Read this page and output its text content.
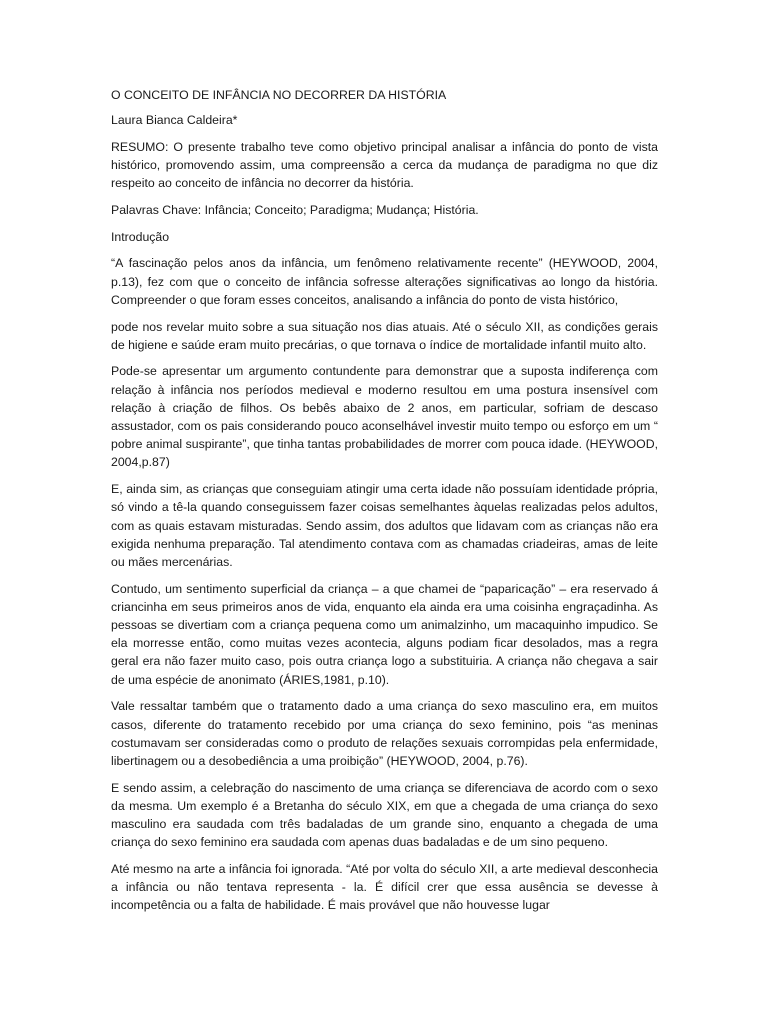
O CONCEITO DE INFÂNCIA NO DECORRER DA HISTÓRIA

Laura Bianca Caldeira*

RESUMO: O presente trabalho teve como objetivo principal analisar a infância do ponto de vista histórico, promovendo assim, uma compreensão a cerca da mudança de paradigma no que diz respeito ao conceito de infância no decorrer da história.

Palavras Chave: Infância; Conceito; Paradigma; Mudança; História.

Introdução

“A fascinação pelos anos da infância, um fenômeno relativamente recente” (HEYWOOD, 2004, p.13), fez com que o conceito de infância sofresse alterações significativas ao longo da história. Compreender o que foram esses conceitos, analisando a infância do ponto de vista histórico,

pode nos revelar muito sobre a sua situação nos dias atuais. Até o século XII, as condições gerais de higiene e saúde eram muito precárias, o que tornava o índice de mortalidade infantil muito alto.

Pode-se apresentar um argumento contundente para demonstrar que a suposta indiferença com relação à infância nos períodos medieval e moderno resultou em uma postura insensível com relação à criação de filhos. Os bebês abaixo de 2 anos, em particular, sofriam de descaso assustador, com os pais considerando pouco aconselhável investir muito tempo ou esforço em um “ pobre animal suspirante”, que tinha tantas probabilidades de morrer com pouca idade. (HEYWOOD, 2004,p.87)

E, ainda sim, as crianças que conseguiam atingir uma certa idade não possuíam identidade própria, só vindo a tê-la quando conseguissem fazer coisas semelhantes àquelas realizadas pelos adultos, com as quais estavam misturadas. Sendo assim, dos adultos que lidavam com as crianças não era exigida nenhuma preparação. Tal atendimento contava com as chamadas criadeiras, amas de leite ou mães mercenárias.

Contudo, um sentimento superficial da criança – a que chamei de “paparicação” – era reservado á criancinha em seus primeiros anos de vida, enquanto ela ainda era uma coisinha engraçadinha. As pessoas se divertiam com a criança pequena como um animalzinho, um macaquinho impudico. Se ela morresse então, como muitas vezes acontecia, alguns podiam ficar desolados, mas a regra geral era não fazer muito caso, pois outra criança logo a substituiria. A criança não chegava a sair de uma espécie de anonimato (ÁRIES,1981, p.10).

Vale ressaltar também que o tratamento dado a uma criança do sexo masculino era, em muitos casos, diferente do tratamento recebido por uma criança do sexo feminino, pois “as meninas costumavam ser consideradas como o produto de relações sexuais corrompidas pela enfermidade, libertinagem ou a desobediência a uma proibição” (HEYWOOD, 2004, p.76).

E sendo assim, a celebração do nascimento de uma criança se diferenciava de acordo com o sexo da mesma. Um exemplo é a Bretanha do século XIX, em que a chegada de uma criança do sexo masculino era saudada com três badaladas de um grande sino, enquanto a chegada de uma criança do sexo feminino era saudada com apenas duas badaladas e de um sino pequeno.

Até mesmo na arte a infância foi ignorada. “Até por volta do século XII, a arte medieval desconhecia a infância ou não tentava representa - la. É difícil crer que essa ausência se devesse à incompetência ou a falta de habilidade. É mais provável que não houvesse lugar
